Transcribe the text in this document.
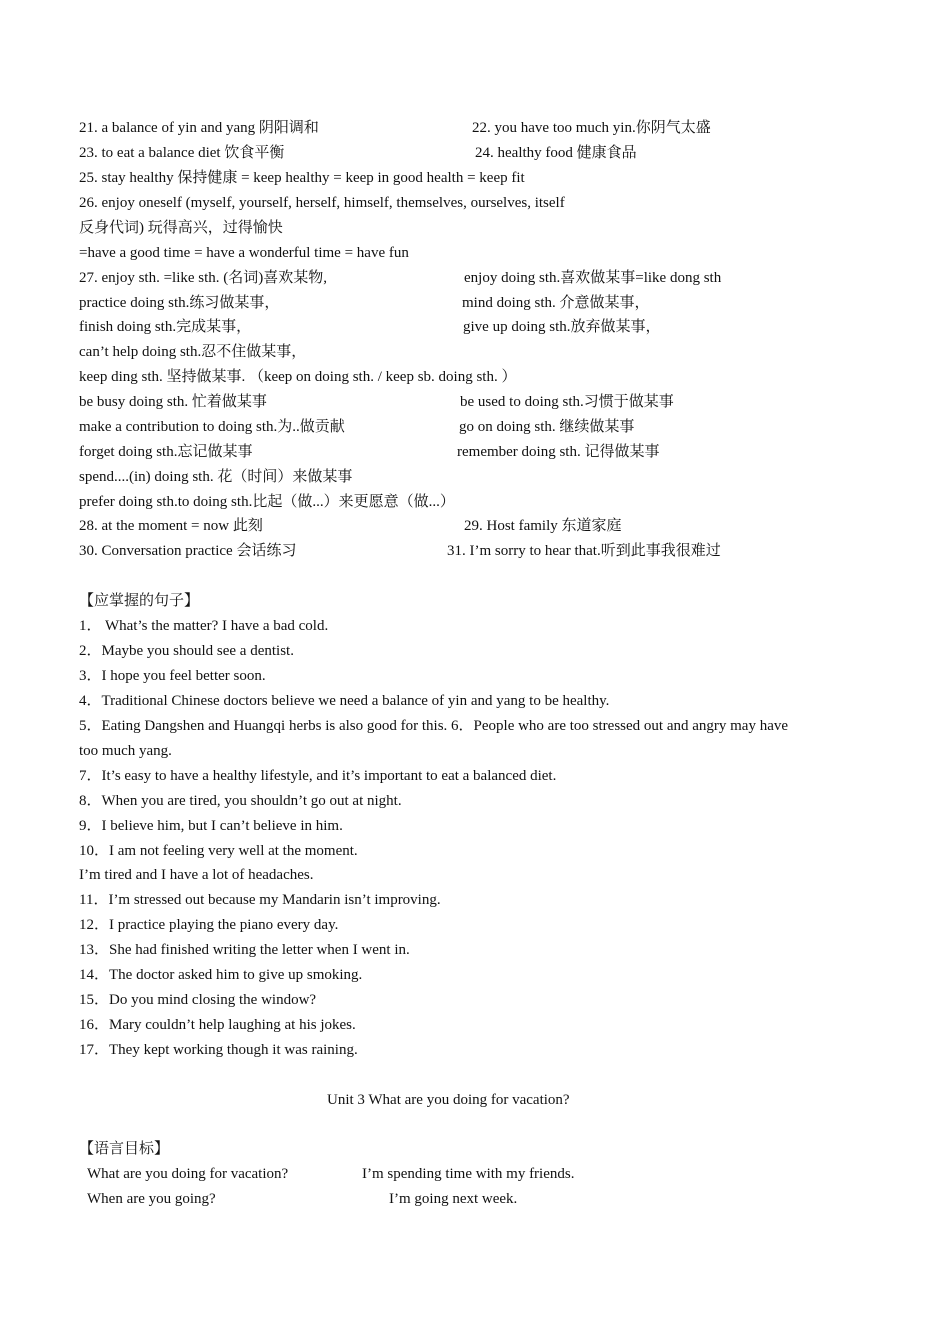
21. a balance of yin and yang 阴阳调和	22. you have too much yin.你阴气太盛
23. to eat a balance diet 饮食平衡	24. healthy food 健康食品
25. stay healthy 保持健康 = keep healthy = keep in good health = keep fit
26. enjoy oneself (myself, yourself, herself, himself, themselves, ourselves, itself
反身代词) 玩得高兴，过得愉快
=have a good time = have a wonderful time = have fun
27. enjoy sth. =like sth. (名词)喜欢某物,	enjoy doing sth.喜欢做某事=like dong sth
practice doing sth.练习做某事，	mind doing sth. 介意做某事，
finish doing sth.完成某事，	give up doing sth.放弃做某事，
can’t help doing sth.忍不住做某事，
keep ding sth. 坚持做某事. （keep on doing sth. / keep sb. doing sth. ）
be busy doing sth. 忙着做某事	be used to doing sth.习惯于做某事
make a contribution to doing sth.为..做贡献	go on doing sth. 继续做某事
forget doing sth.忘记做某事	remember doing sth. 记得做某事
spend....(in) doing sth. 花（时间）来做某事
prefer doing sth.to doing sth.比起（做...）来更愿意（做...）
28. at the moment = now 此刻	29. Host family 东道家庭
30. Conversation practice 会话练习	31. I’m sorry to hear that.听到此事我很难过
【应掌握的句子】
1． What’s the matter? I have a bad cold.
2．Maybe you should see a dentist.
3．I hope you feel better soon.
4．Traditional Chinese doctors believe we need a balance of yin and yang to be healthy.
5．Eating Dangshen and Huangqi herbs is also good for this. 6．People who are too stressed out and angry may have
too much yang.
7．It’s easy to have a healthy lifestyle, and it’s important to eat a balanced diet.
8．When you are tired, you shouldn’t go out at night.
9．I believe him, but I can’t believe in him.
10．I am not feeling very well at the moment.
I’m tired and I have a lot of headaches.
11．I’m stressed out because my Mandarin isn’t improving.
12．I practice playing the piano every day.
13．She had finished writing the letter when I went in.
14．The doctor asked him to give up smoking.
15．Do you mind closing the window?
16．Mary couldn’t help laughing at his jokes.
17．They kept working though it was raining.
Unit 3 What are you doing for vacation?
【语言目标】
What are you doing for vacation?	I’m spending time with my friends.
When are you going?	I’m going next week.
